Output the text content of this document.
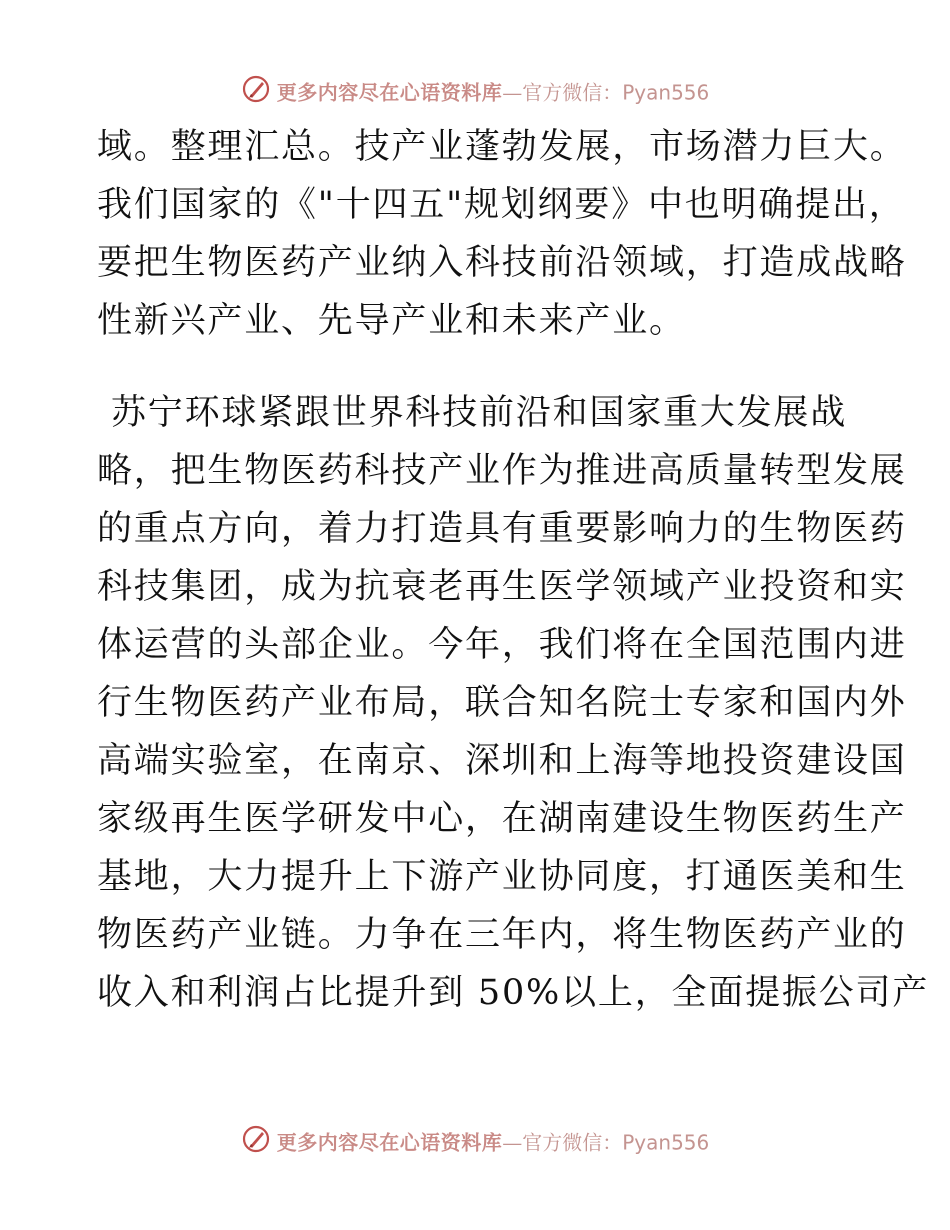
更多内容尽在心语资料库—官方微信：Pyan556
域。整理汇总。技产业蓬勃发展，市场潜力巨大。
我们国家的《"十四五"规划纲要》中也明确提出，
要把生物医药产业纳入科技前沿领域，打造成战略
性新兴产业、先导产业和未来产业。
苏宁环球紧跟世界科技前沿和国家重大发展战
略，把生物医药科技产业作为推进高质量转型发展
的重点方向，着力打造具有重要影响力的生物医药
科技集团，成为抗衰老再生医学领域产业投资和实
体运营的头部企业。今年，我们将在全国范围内进
行生物医药产业布局，联合知名院士专家和国内外
高端实验室，在南京、深圳和上海等地投资建设国
家级再生医学研发中心，在湖南建设生物医药生产
基地，大力提升上下游产业协同度，打通医美和生
物医药产业链。力争在三年内，将生物医药产业的
收入和利润占比提升到 50%以上，全面提振公司产
更多内容尽在心语资料库—官方微信：Pyan556
